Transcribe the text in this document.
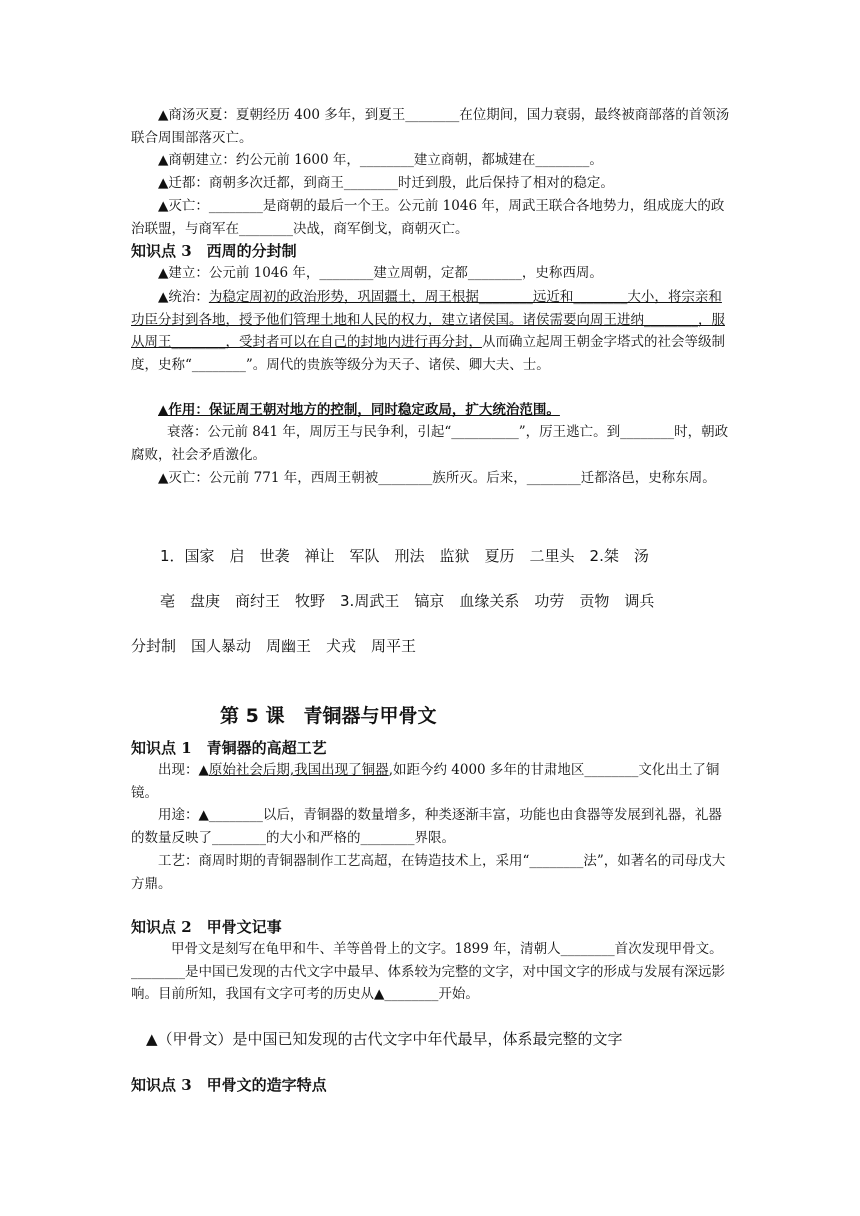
▲商汤灭夏：夏朝经历 400 多年，到夏王________在位期间，国力衰弱，最终被商部落的首领汤联合周围部落灭亡。

▲商朝建立：约公元前 1600 年，________建立商朝，都城建在________。

▲迁都：商朝多次迁都，到商王________时迁到殷，此后保持了相对的稳定。

▲灭亡：________是商朝的最后一个王。公元前 1046 年，周武王联合各地势力，组成庞大的政治联盟，与商军在________决战，商军倒戈，商朝灭亡。

知识点 3　西周的分封制

▲建立：公元前 1046 年，________建立周朝，定都________，史称西周。

▲统治：为稳定周初的政治形势，巩固疆土，周王根据________远近和________大小，将宗亲和功臣分封到各地，授予他们管理土地和人民的权力，建立诸侯国。诸侯需要向周王进纳________，服从周王________，受封者可以在自己的封地内进行再分封，从而确立起周王朝金字塔式的社会等级制度，史称“________”。周代的贵族等级分为天子、诸侯、卿大夫、士。

▲作用：保证周王朝对地方的控制，同时稳定政局，扩大统治范围。

衰落：公元前 841 年，周厉王与民争利，引起“__________”，厉王逃亡。到________时，朝政腐败，社会矛盾激化。

▲灭亡：公元前 771 年，西周王朝被________族所灭。后来，________迁都洛邑，史称东周。

1．国家　启　世袭　禅让　军队　刑法　监狱　夏历　二里头　2.桀　汤
亳　盘庚　商纣王　牧野　3.周武王　镐京　血缘关系　功劳　贡物　调兵
分封制　国人暴动　周幽王　犬戎　周平王
第 5 课　青铜器与甲骨文
知识点 1　青铜器的高超工艺

出现：▲原始社会后期,我国出现了铜器,如距今约 4000 多年的甘肃地区________文化出土了铜镜。

用途：▲________以后，青铜器的数量增多，种类逐渐丰富，功能也由食器等发展到礼器，礼器的数量反映了________的大小和严格的________界限。

工艺：商周时期的青铜器制作工艺高超，在铸造技术上，采用“________法”，如著名的司母戊大方鼎。

知识点 2　甲骨文记事

甲骨文是刻写在龟甲和牛、羊等兽骨上的文字。1899 年，清朝人________首次发现甲骨文。________是中国已发现的古代文字中最早、体系较为完整的文字，对中国文字的形成与发展有深远影响。目前所知，我国有文字可考的历史从▲________开始。

▲（甲骨文）是中国已知发现的古代文字中年代最早，体系最完整的文字

知识点 3　甲骨文的造字特点
